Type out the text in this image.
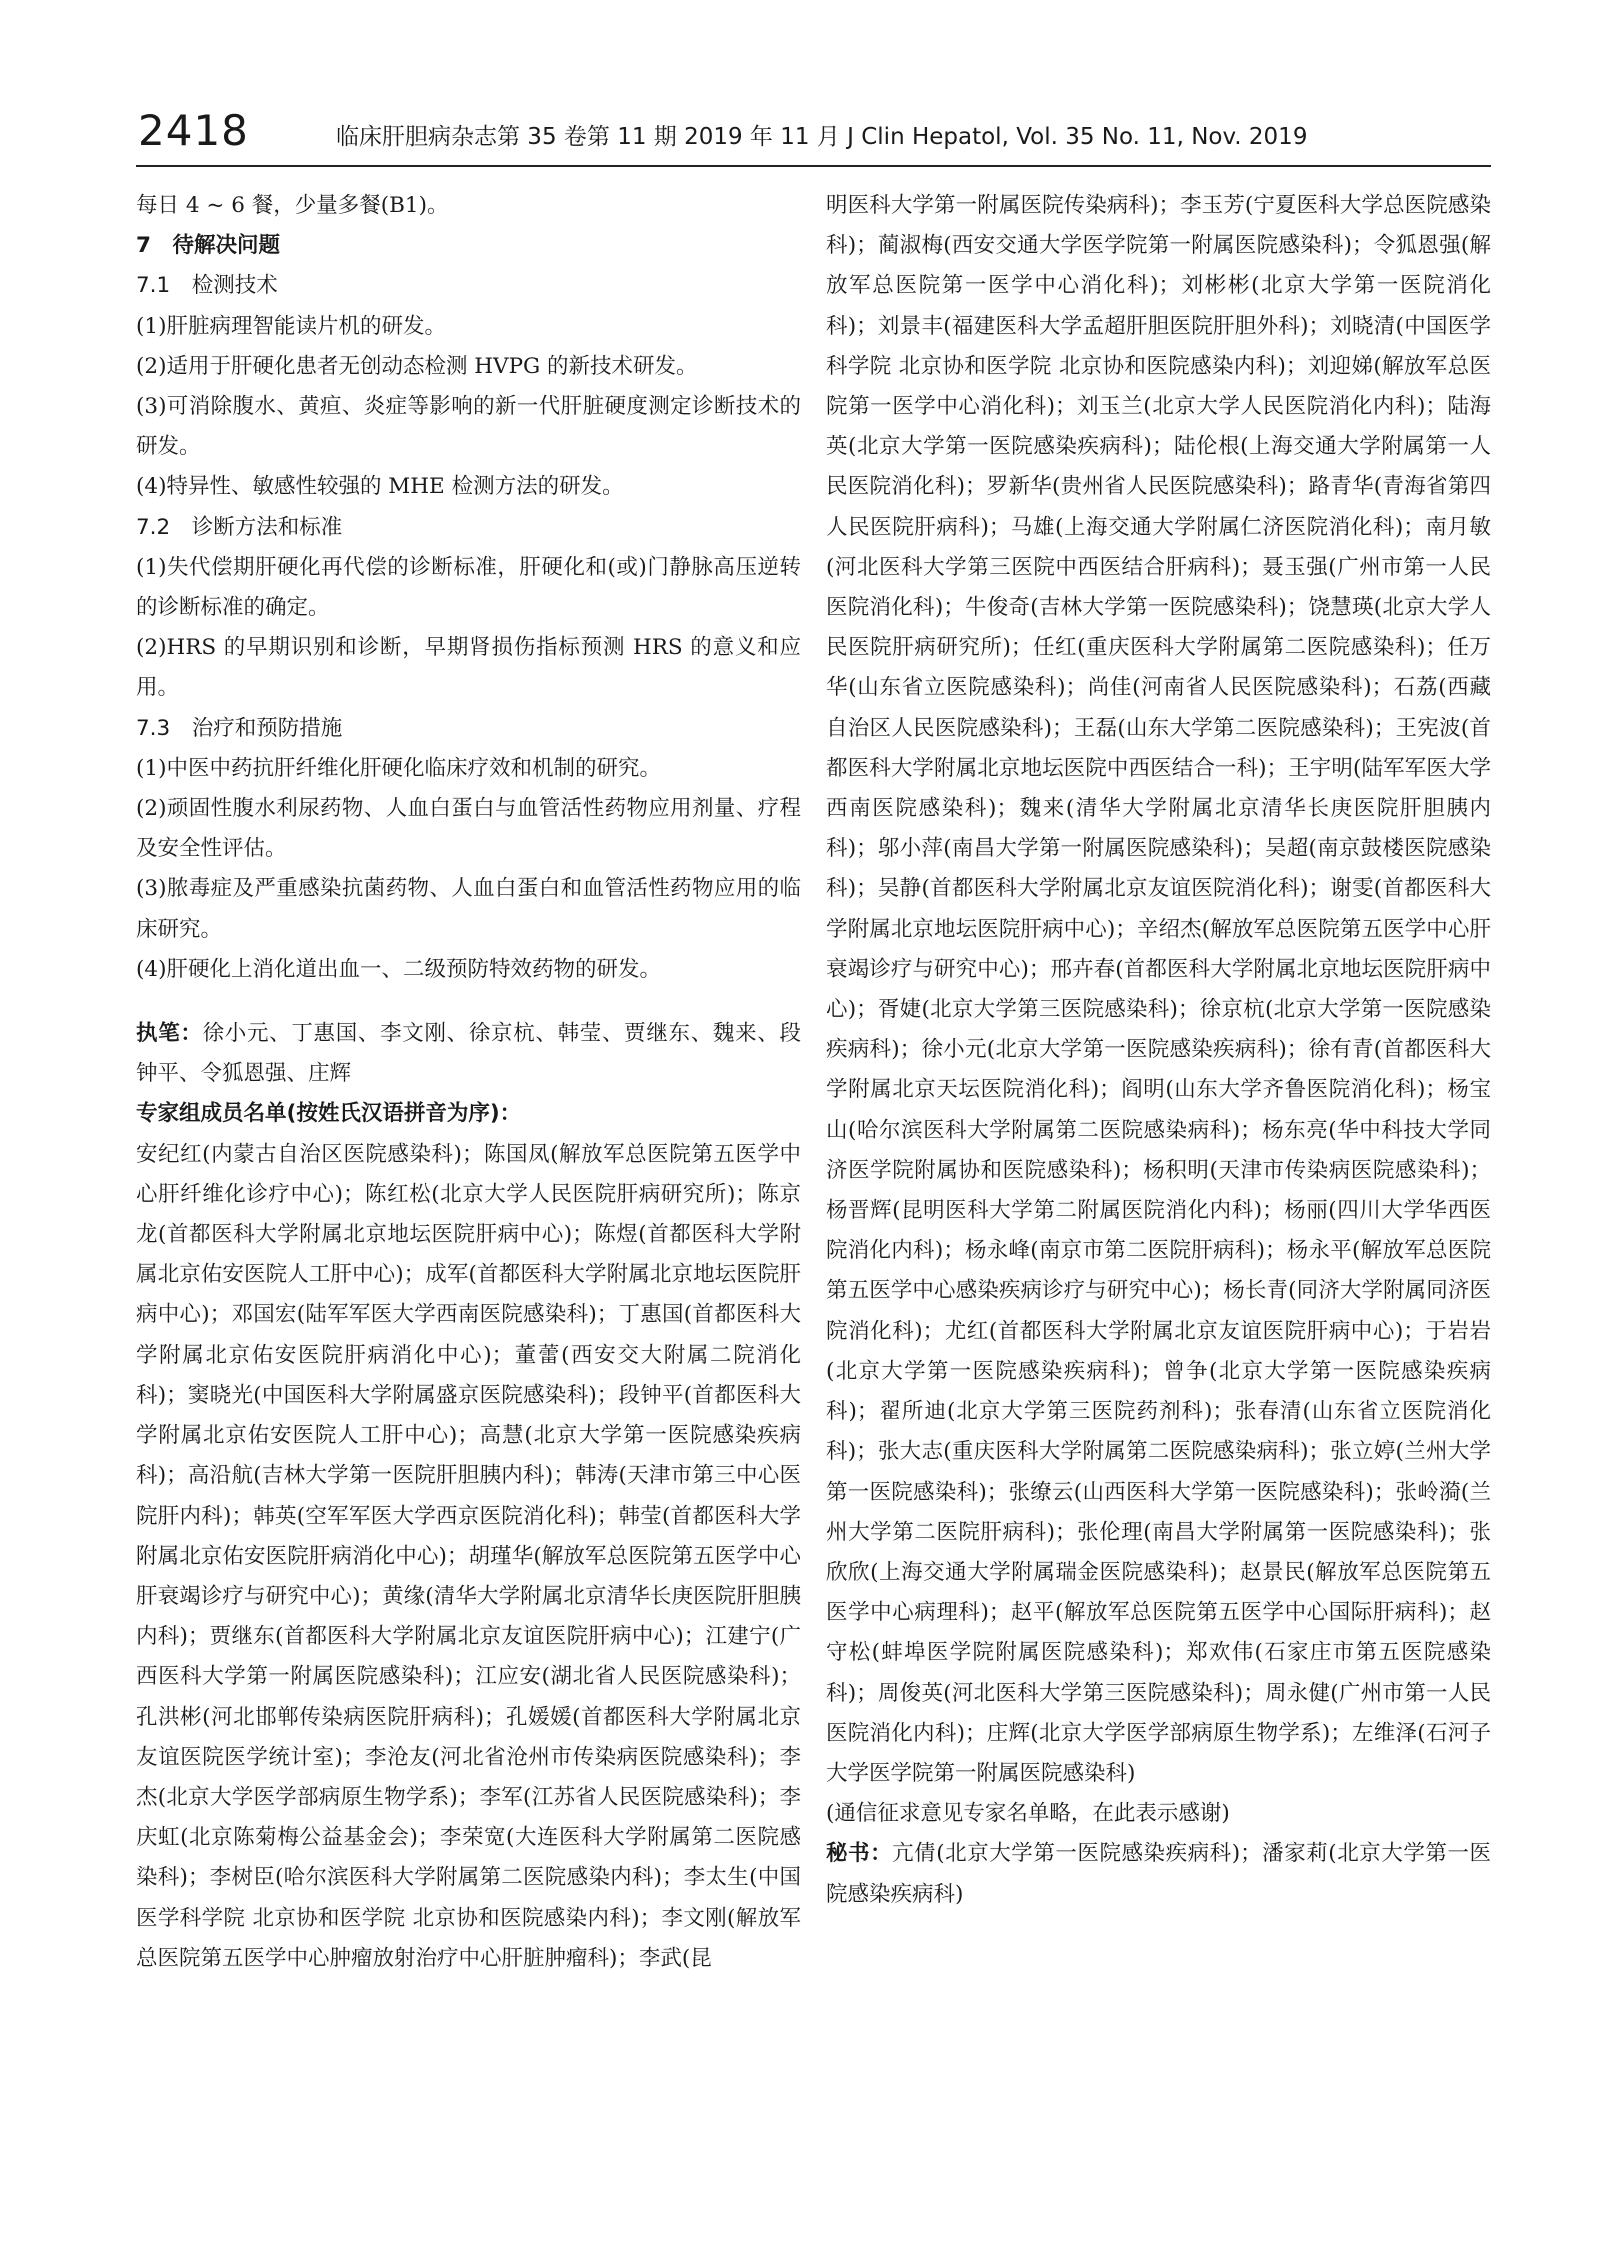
2418	临床肝胆病杂志第 35 卷第 11 期 2019 年 11 月 J Clin Hepatol, Vol. 35 No. 11, Nov. 2019

每日 4 ~ 6 餐，少量多餐(B1)。

7　待解决问题

7.1　检测技术

(1)肝脏病理智能读片机的研发。

(2)适用于肝硬化患者无创动态检测 HVPG 的新技术研发。

(3)可消除腹水、黄疸、炎症等影响的新一代肝脏硬度测定诊断技术的研发。

(4)特异性、敏感性较强的 MHE 检测方法的研发。

7.2　诊断方法和标准

(1)失代偿期肝硬化再代偿的诊断标准，肝硬化和(或)门静脉高压逆转的诊断标准的确定。

(2)HRS 的早期识别和诊断，早期肾损伤指标预测 HRS 的意义和应用。

7.3　治疗和预防措施

(1)中医中药抗肝纤维化肝硬化临床疗效和机制的研究。

(2)顽固性腹水利尿药物、人血白蛋白与血管活性药物应用剂量、疗程及安全性评估。

(3)脓毒症及严重感染抗菌药物、人血白蛋白和血管活性药物应用的临床研究。

(4)肝硬化上消化道出血一、二级预防特效药物的研发。

执笔：徐小元、丁惠国、李文刚、徐京杭、韩莹、贾继东、魏来、段钟平、令狐恩强、庄辉

专家组成员名单(按姓氏汉语拼音为序)：

安纪红(内蒙古自治区医院感染科)；陈国凤(解放军总医院第五医学中心肝纤维化诊疗中心)；陈红松(北京大学人民医院肝病研究所)；陈京龙(首都医科大学附属北京地坛医院肝病中心)；陈煜(首都医科大学附属北京佑安医院人工肝中心)；成军(首都医科大学附属北京地坛医院肝病中心)；邓国宏(陆军军医大学西南医院感染科)；丁惠国(首都医科大学附属北京佑安医院肝病消化中心)；董蕾(西安交大附属二院消化科)；窦晓光(中国医科大学附属盛京医院感染科)；段钟平(首都医科大学附属北京佑安医院人工肝中心)；高慧(北京大学第一医院感染疾病科)；高沿航(吉林大学第一医院肝胆胰内科)；韩涛(天津市第三中心医院肝内科)；韩英(空军军医大学西京医院消化科)；韩莹(首都医科大学附属北京佑安医院肝病消化中心)；胡瑾华(解放军总医院第五医学中心肝衰竭诊疗与研究中心)；黄缘(清华大学附属北京清华长庚医院肝胆胰内科)；贾继东(首都医科大学附属北京友谊医院肝病中心)；江建宁(广西医科大学第一附属医院感染科)；江应安(湖北省人民医院感染科)；孔洪彬(河北邯郸传染病医院肝病科)；孔媛媛(首都医科大学附属北京友谊医院医学统计室)；李沧友(河北省沧州市传染病医院感染科)；李杰(北京大学医学部病原生物学系)；李军(江苏省人民医院感染科)；李庆虹(北京陈菊梅公益基金会)；李荣宽(大连医科大学附属第二医院感染科)；李树臣(哈尔滨医科大学附属第二医院感染内科)；李太生(中国医学科学院 北京协和医学院 北京协和医院感染内科)；李文刚(解放军总医院第五医学中心肿瘤放射治疗中心肝脏肿瘤科)；李武(昆

明医科大学第一附属医院传染病科)；李玉芳(宁夏医科大学总医院感染科)；蔺淑梅(西安交通大学医学院第一附属医院感染科)；令狐恩强(解放军总医院第一医学中心消化科)；刘彬彬(北京大学第一医院消化科)；刘景丰(福建医科大学孟超肝胆医院肝胆外科)；刘晓清(中国医学科学院 北京协和医学院 北京协和医院感染内科)；刘迎娣(解放军总医院第一医学中心消化科)；刘玉兰(北京大学人民医院消化内科)；陆海英(北京大学第一医院感染疾病科)；陆伦根(上海交通大学附属第一人民医院消化科)；罗新华(贵州省人民医院感染科)；路青华(青海省第四人民医院肝病科)；马雄(上海交通大学附属仁济医院消化科)；南月敏(河北医科大学第三医院中西医结合肝病科)；聂玉强(广州市第一人民医院消化科)；牛俊奇(吉林大学第一医院感染科)；饶慧瑛(北京大学人民医院肝病研究所)；任红(重庆医科大学附属第二医院感染科)；任万华(山东省立医院感染科)；尚佳(河南省人民医院感染科)；石荔(西藏自治区人民医院感染科)；王磊(山东大学第二医院感染科)；王宪波(首都医科大学附属北京地坛医院中西医结合一科)；王宇明(陆军军医大学西南医院感染科)；魏来(清华大学附属北京清华长庚医院肝胆胰内科)；邬小萍(南昌大学第一附属医院感染科)；吴超(南京鼓楼医院感染科)；吴静(首都医科大学附属北京友谊医院消化科)；谢雯(首都医科大学附属北京地坛医院肝病中心)；辛绍杰(解放军总医院第五医学中心肝衰竭诊疗与研究中心)；邢卉春(首都医科大学附属北京地坛医院肝病中心)；胥婕(北京大学第三医院感染科)；徐京杭(北京大学第一医院感染疾病科)；徐小元(北京大学第一医院感染疾病科)；徐有青(首都医科大学附属北京天坛医院消化科)；阎明(山东大学齐鲁医院消化科)；杨宝山(哈尔滨医科大学附属第二医院感染病科)；杨东亮(华中科技大学同济医学院附属协和医院感染科)；杨积明(天津市传染病医院感染科)；杨晋辉(昆明医科大学第二附属医院消化内科)；杨丽(四川大学华西医院消化内科)；杨永峰(南京市第二医院肝病科)；杨永平(解放军总医院第五医学中心感染疾病诊疗与研究中心)；杨长青(同济大学附属同济医院消化科)；尤红(首都医科大学附属北京友谊医院肝病中心)；于岩岩(北京大学第一医院感染疾病科)；曾争(北京大学第一医院感染疾病科)；翟所迪(北京大学第三医院药剂科)；张春清(山东省立医院消化科)；张大志(重庆医科大学附属第二医院感染病科)；张立婷(兰州大学第一医院感染科)；张缭云(山西医科大学第一医院感染科)；张岭漪(兰州大学第二医院肝病科)；张伦理(南昌大学附属第一医院感染科)；张欣欣(上海交通大学附属瑞金医院感染科)；赵景民(解放军总医院第五医学中心病理科)；赵平(解放军总医院第五医学中心国际肝病科)；赵守松(蚌埠医学院附属医院感染科)；郑欢伟(石家庄市第五医院感染科)；周俊英(河北医科大学第三医院感染科)；周永健(广州市第一人民医院消化内科)；庄辉(北京大学医学部病原生物学系)；左维泽(石河子大学医学院第一附属医院感染科)

(通信征求意见专家名单略，在此表示感谢)

秘书：亢倩(北京大学第一医院感染疾病科)；潘家莉(北京大学第一医院感染疾病科)
